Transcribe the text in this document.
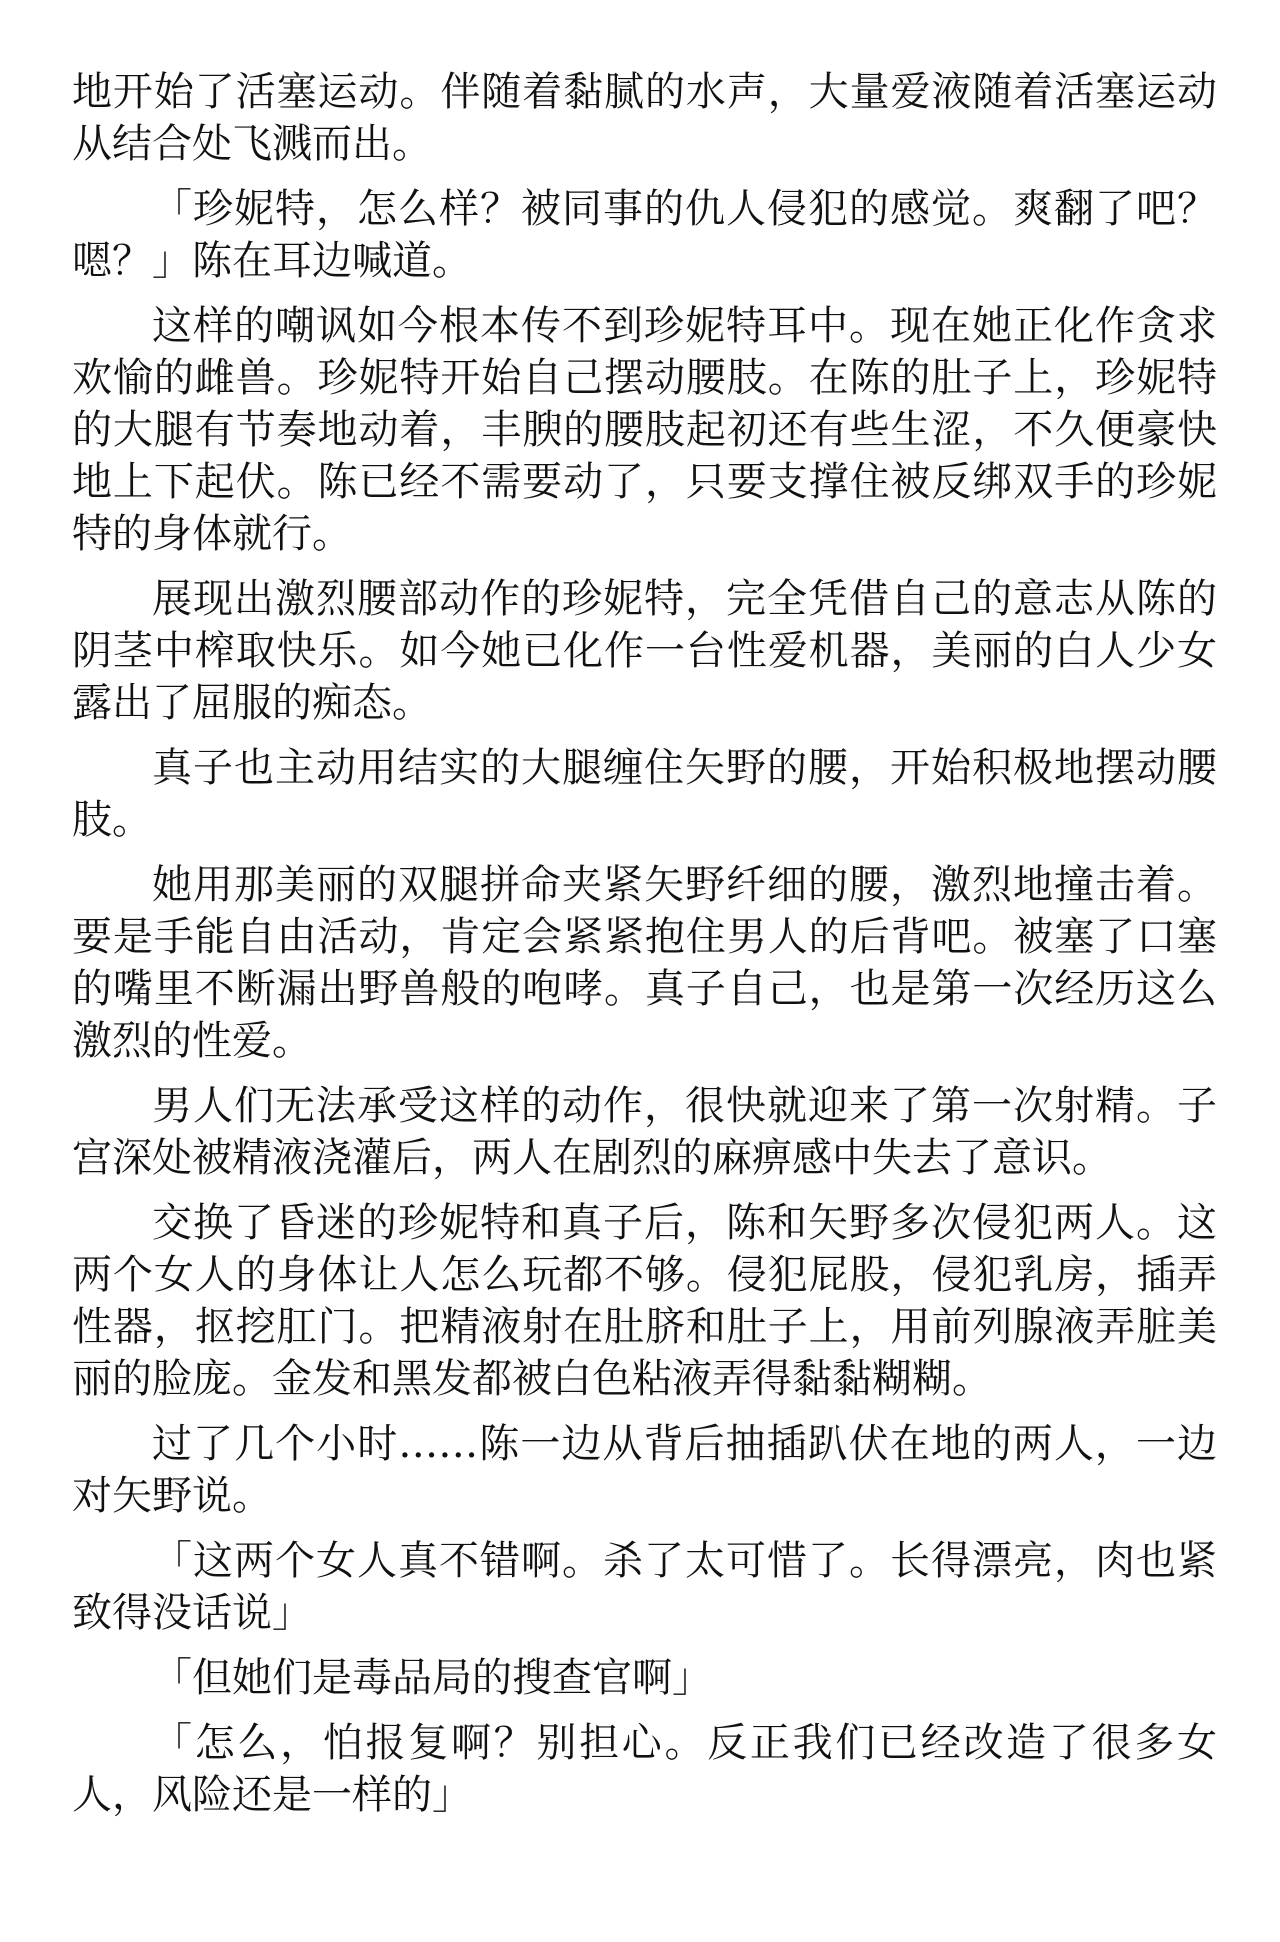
地开始了活塞运动。伴随着黏腻的水声，大量爱液随着活塞运动从结合处飞溅而出。

「珍妮特，怎么样？被同事的仇人侵犯的感觉。爽翻了吧？嗯？」陈在耳边喊道。

这样的嘲讽如今根本传不到珍妮特耳中。现在她正化作贪求欢愉的雌兽。珍妮特开始自己摆动腰肢。在陈的肚子上，珍妮特的大腿有节奏地动着，丰腴的腰肢起初还有些生涩，不久便豪快地上下起伏。陈已经不需要动了，只要支撑住被反绑双手的珍妮特的身体就行。

展现出激烈腰部动作的珍妮特，完全凭借自己的意志从陈的阴茎中榨取快乐。如今她已化作一台性爱机器，美丽的白人少女露出了屈服的痴态。

真子也主动用结实的大腿缠住矢野的腰，开始积极地摆动腰肢。

她用那美丽的双腿拼命夹紧矢野纤细的腰，激烈地撞击着。要是手能自由活动，肯定会紧紧抱住男人的后背吧。被塞了口塞的嘴里不断漏出野兽般的咆哮。真子自己，也是第一次经历这么激烈的性爱。

男人们无法承受这样的动作，很快就迎来了第一次射精。子宫深处被精液浇灌后，两人在剧烈的麻痹感中失去了意识。

交换了昏迷的珍妮特和真子后，陈和矢野多次侵犯两人。这两个女人的身体让人怎么玩都不够。侵犯屁股，侵犯乳房，插弄性器，抠挖肛门。把精液射在肚脐和肚子上，用前列腺液弄脏美丽的脸庞。金发和黑发都被白色粘液弄得黏黏糊糊。

过了几个小时……陈一边从背后抽插趴伏在地的两人，一边对矢野说。

「这两个女人真不错啊。杀了太可惜了。长得漂亮，肉也紧致得没话说」

「但她们是毒品局的搜查官啊」

「怎么，怕报复啊？别担心。反正我们已经改造了很多女人，风险还是一样的」
